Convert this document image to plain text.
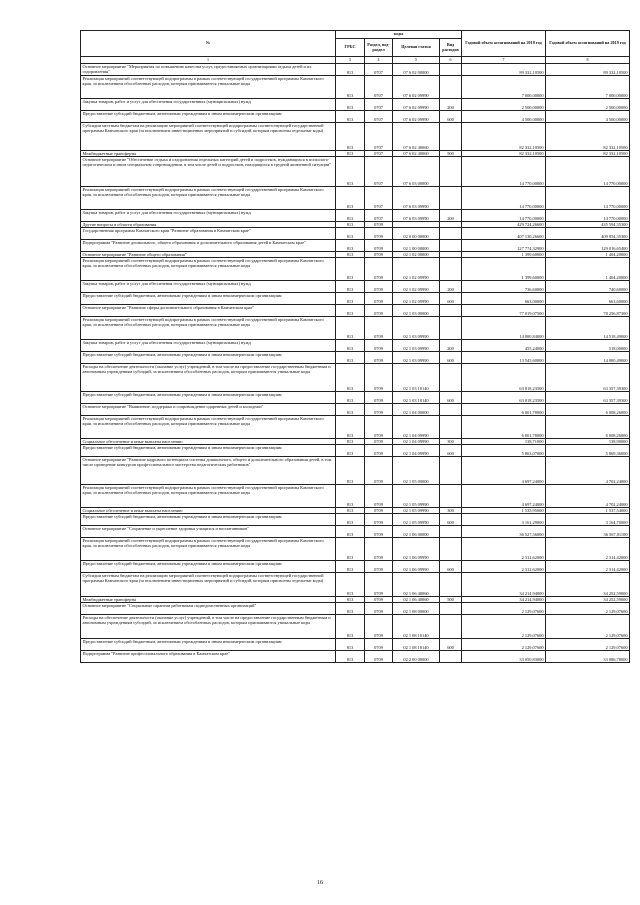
№	коды				Годовой объем ассигнований на 2018 год	Годовой объем ассигнований на 2019 год
	ГРБС	Раздел, под-раздел	Целевая статья	Вид расходов		
1	3	4	5	6	7	8
Основное мероприятие "Мероприятия по повышению качества услуг, предоставляемых организациями отдыха детей и их оздоровления"	813	0707	07 6 02 00000		89 332,10500	89 332,10500
Реализация мероприятий соответствующей подпрограммы в рамках соответствующей государственной программы Камчатского края, за исключением обособленных расходов, которым присваиваются уникальные коды	813	0707	07 6 02 09990		7 000,00000	7 000,00000
Закупка товаров, работ и услуг для обеспечения государственных (муниципальных) нужд	813	0707	07 6 02 09990	200	2 500,00000	2 500,00000
Предоставление субсидий бюджетным, автономным учреждениям и иным некоммерческим организациям	813	0707	07 6 02 09990	600	4 500,00000	4 500,00000
Субсидии местным бюджетам на реализацию мероприятий соответствующей подпрограммы соответствующей государственной программы Камчатского края (за исключением инвестиционных мероприятий и субсидий, которым присвоены отдельные коды)	813	0707	07 6 02 40060		82 332,10500	82 332,10500
Межбюджетные трансферты	813	0707	07 6 02 40060	500	82 332,10500	82 332,10500
Основное мероприятие "Обеспечение отдыха и оздоровления отдельных категорий детей и подростков, нуждающихся в психолого-педагогическом и ином специальном сопровождении, в том числе детей и подростков, находящихся в трудной жизненной ситуации"	813	0707	07 6 03 00000		14 770,00000	14 770,00000
Реализация мероприятий соответствующей подпрограммы в рамках соответствующей государственной программы Камчатского края, за исключением обособленных расходов, которым присваиваются уникальные коды	813	0707	07 6 03 09990		14 770,00000	14 770,00000
Закупка товаров, работ и услуг для обеспечения государственных (муниципальных) нужд	813	0707	07 6 03 09990	200	14 770,00000	14 770,00000
Другие вопросы в области образования	813	0709			429 724,26600	435 594,35300
Государственная программа Камчатского края "Развитие образования в Камчатском крае"	813	0709	02 0 00 00000		407 130,26600	409 854,35300
Подпрограмма "Развитие дошкольного, общего образования и дополнительного образования детей в Камчатском крае"	813	0709	02 1 00 00000		127 774,32900	129 016,65400
Основное мероприятие "Развитие общего образования"	813	0709	02 1 02 00000		1 399,60000	1 404,20000
Реализация мероприятий соответствующей подпрограммы в рамках соответствующей государственной программы Камчатского края, за исключением обособленных расходов, которым присваиваются уникальные коды	813	0709	02 1 02 09990		1 399,60000	1 404,20000
Закупка товаров, работ и услуг для обеспечения государственных (муниципальных) нужд	813	0709	02 1 02 09990	200	736,60000	740,60000
Предоставление субсидий бюджетным, автономным учреждениям и иным некоммерческим организациям	813	0709	02 1 02 09990	600	663,00000	663,60000
Основное мероприятие "Развитие сферы дополнительного образования в Камчатском крае"	813	0709	02 1 03 00000		77 019,07500	78 256,87300
Реализация мероприятий соответствующей подпрограммы в рамках соответствующей государственной программы Камчатского края, за исключением обособленных расходов, которым присваиваются уникальные коды	813	0709	02 1 03 09990		14 000,84000	14 518,49000
Закупка товаров, работ и услуг для обеспечения государственных (муниципальных) нужд	813	0709	02 1 03 09990	200	455,24000	518,00000
Предоставление субсидий бюджетным, автономным учреждениям и иным некоммерческим организациям	813	0709	02 1 03 09990	600	13 545,60000	14 000,49000
Расходы на обеспечение деятельности (оказание услуг) учреждений, в том числе на предоставление государственным бюджетным и автономным учреждениям субсидий, за исключением обособленных расходов, которым присваиваются уникальные коды	813	0709	02 1 03 10140		63 018,23500	63 357,39300
Предоставление субсидий бюджетным, автономным учреждениям и иным некоммерческим организациям	813	0709	02 1 03 10140	600	63 018,23500	63 357,39300
Основное мероприятие "Выявление, поддержка и сопровождение одаренных детей и молодежи"	813	0709	02 1 04 00000		6 001,78000	6 008,26000
Реализация мероприятий соответствующей подпрограммы в рамках соответствующей государственной программы Камчатского края, за исключением обособленных расходов, которым присваиваются уникальные коды	813	0709	02 1 04 09990		6 001,78000	6 008,26000
Социальное обеспечение и иные выплаты населению	813	0709	02 1 04 09990	300	138,71000	138,90000
Предоставление субсидий бюджетным, автономным учреждениям и иным некоммерческим организациям	813	0709	02 1 04 09990	600	5 863,07000	5 869,36000
Основное мероприятие "Развитие кадрового потенциала системы дошкольного, общего и дополнительного образования детей, в том числе проведение конкурсов профессионального мастерства педагогических работников"	813	0709	02 1 05 00000		4 697,24000	4 702,24000
Реализация мероприятий соответствующей подпрограммы в рамках соответствующей государственной программы Камчатского края, за исключением обособленных расходов, которым присваиваются уникальные коды	813	0709	02 1 05 09990		4 697,24000	4 702,24000
Социальное обеспечение и иные выплаты населению	813	0709	02 1 05 09990	300	1 535,95000	1 537,54000
Предоставление субсидий бюджетным, автономным учреждениям и иным некоммерческим организациям	813	0709	02 1 05 09990	600	3 161,29000	3 164,70000
Основное мероприятие "Сохранение и укрепление здоровья учащихся и воспитанников"	813	0709	02 1 06 00000		36 527,56000	36 567,01100
Реализация мероприятий соответствующей подпрограммы в рамках соответствующей государственной программы Камчатского края, за исключением обособленных расходов, которым присваиваются уникальные коды	813	0709	02 1 06 09990		2 312,62000	2 314,42000
Предоставление субсидий бюджетным, автономным учреждениям и иным некоммерческим организациям	813	0709	02 1 06 09990	600	2 312,62000	2 314,42000
Субсидии местным бюджетам на реализацию мероприятий соответствующей подпрограммы соответствующей государственной программы Камчатского края (за исключением инвестиционных мероприятий и субсидий, которым присвоены отдельные коды)	813	0709	02 1 06 40060		34 214,94000	34 252,59000
Межбюджетные трансферты	813	0709	02 1 06 40060	500	34 214,94000	34 252,59000
Основное мероприятие "Социальные гарантии работникам подведомственных организаций"	813	0709	02 1 08 00000		2 129,07600	2 129,07600
Расходы на обеспечение деятельности (оказание услуг) учреждений, в том числе на предоставление государственным бюджетным и автономным учреждениям субсидий, за исключением обособленных расходов, которым присваиваются уникальные коды	813	0709	02 1 08 10140		2 129,07600	2 129,07600
Предоставление субсидий бюджетным, автономным учреждениям и иным некоммерческим организациям	813	0709	02 1 08 10140	600	2 129,07600	2 129,07600
Подпрограмма "Развитие профессионального образования в Камчатском крае"	813	0709	02 2 00 00000		33 050,83000	33 086,78000
16
